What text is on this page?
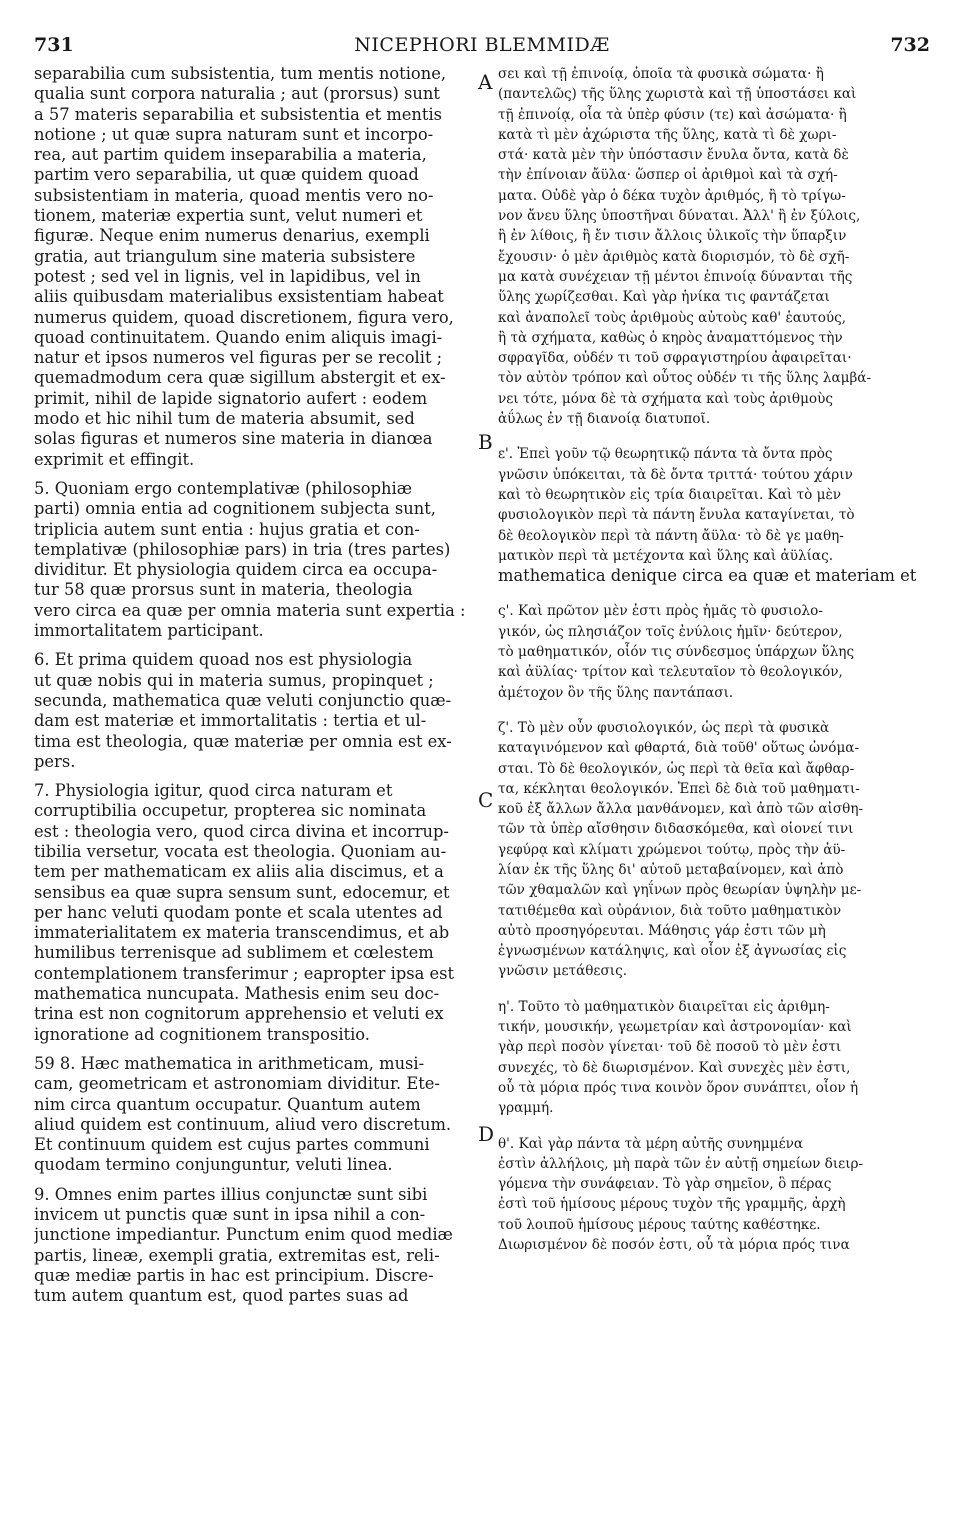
731	NICEPHORI BLEMMIDÆ	732
A
B
C
D
separabilia cum subsistentia, tum mentis notione,
qualia sunt corpora naturalia ; aut (prorsus) sunt
a 57 materis separabilia et subsistentia et mentis
notione ; ut quæ supra naturam sunt et incorpo-
rea, aut partim quidem inseparabilia a materia,
partim vero separabilia, ut quæ quidem quoad
subsistentiam in materia, quoad mentis vero no-
tionem, materiæ expertia sunt, velut numeri et
figuræ. Neque enim numerus denarius, exempli
gratia, aut triangulum sine materia subsistere
potest ; sed vel in lignis, vel in lapidibus, vel in
aliis quibusdam materialibus exsistentiam habeat
numerus quidem, quoad discretionem, figura vero,
quoad continuitatem. Quando enim aliquis imagi-
natur et ipsos numeros vel figuras per se recolit ;
quemadmodum cera quæ sigillum abstergit et ex-
primit, nihil de lapide signatorio aufert : eodem
modo et hic nihil tum de materia absumit, sed
solas figuras et numeros sine materia in dianœa
exprimit et effingit.
5. Quoniam ergo contemplativæ (philosophiæ
parti) omnia entia ad cognitionem subjecta sunt,
triplicia autem sunt entia : hujus gratia et con-
templativæ (philosophiæ pars) in tria (tres partes)
dividitur. Et physiologia quidem circa ea occupa-
tur 58 quæ prorsus sunt in materia, theologia
vero circa ea quæ per omnia materia sunt expertia :
immortalitatem participant.
6. Et prima quidem quoad nos est physiologia
ut quæ nobis qui in materia sumus, propinquet ;
secunda, mathematica quæ veluti conjunctio quæ-
dam est materiæ et immortalitatis : tertia et ul-
tima est theologia, quæ materiæ per omnia est ex-
pers.
7. Physiologia igitur, quod circa naturam et
corruptibilia occupetur, propterea sic nominata
est : theologia vero, quod circa divina et incorrup-
tibilia versetur, vocata est theologia. Quoniam au-
tem per mathematicam ex aliis alia discimus, et a
sensibus ea quæ supra sensum sunt, edocemur, et
per hanc veluti quodam ponte et scala utentes ad
immaterialitatem ex materia transcendimus, et ab
humilibus terrenisque ad sublimem et cœlestem
contemplationem transferimur ; eapropter ipsa est
mathematica nuncupata. Mathesis enim seu doc-
trina est non cognitorum apprehensio et veluti ex
ignoratione ad cognitionem transpositio.
59 8. Hæc mathematica in arithmeticam, musi-
cam, geometricam et astronomiam dividitur. Ete-
nim circa quantum occupatur. Quantum autem
aliud quidem est continuum, aliud vero discretum.
Et continuum quidem est cujus partes communi
quodam termino conjunguntur, veluti linea.
9. Omnes enim partes illius conjunctæ sunt sibi
invicem ut punctis quæ sunt in ipsa nihil a con-
junctione impediantur. Punctum enim quod mediæ
partis, lineæ, exempli gratia, extremitas est, reli-
quæ mediæ partis in hac est principium. Discre-
tum autem quantum est, quod partes suas ad
σει καὶ τῇ ἐπινοίᾳ, ὁποῖα τὰ φυσικὰ σώματα· ἢ
(παντελῶς) τῆς ὕλης χωριστὰ καὶ τῇ ὑποστάσει καὶ
τῇ ἐπινοίᾳ, οἷα τὰ ὑπὲρ φύσιν (τε) καὶ ἀσώματα· ἢ
κατὰ τὶ μὲν ἀχώριστα τῆς ὕλης, κατὰ τὶ δὲ χωρι-
στά· κατὰ μὲν τὴν ὑπόστασιν ἔνυλα ὄντα, κατὰ δὲ
τὴν ἐπίνοιαν ἄϋλα· ὥσπερ οἱ ἀριθμοὶ καὶ τὰ σχή-
ματα. Οὐδὲ γὰρ ὁ δέκα τυχὸν ἀριθμός, ἢ τὸ τρίγω-
νον ἄνευ ὕλης ὑποστῆναι δύναται. Ἀλλ' ἢ ἐν ξύλοις,
ἢ ἐν λίθοις, ἢ ἔν τισιν ἄλλοις ὑλικοῖς τὴν ὕπαρξιν
ἔχουσιν· ὁ μὲν ἀριθμὸς κατὰ διορισμόν, τὸ δὲ σχῆ-
μα κατὰ συνέχειαν τῇ μέντοι ἐπινοίᾳ δύνανται τῆς
ὕλης χωρίζεσθαι. Καὶ γὰρ ἡνίκα τις φαντάζεται
καὶ ἀναπολεῖ τοὺς ἀριθμοὺς αὐτοὺς καθ' ἑαυτούς,
ἢ τὰ σχήματα, καθὼς ὁ κηρὸς ἀναματτόμενος τὴν
σφραγῖδα, οὐδέν τι τοῦ σφραγιστηρίου ἀφαιρεῖται·
τὸν αὐτὸν τρόπον καὶ οὗτος οὐδέν τι τῆς ὕλης λαμβά-
νει τότε, μόνα δὲ τὰ σχήματα καὶ τοὺς ἀριθμοὺς
ἀΰλως ἐν τῇ διανοίᾳ διατυποῖ.
ε'. Ἐπεὶ γοῦν τῷ θεωρητικῷ πάντα τὰ ὄντα πρὸς
γνῶσιν ὑπόκειται, τὰ δὲ ὄντα τριττά· τούτου χάριν
καὶ τὸ θεωρητικὸν εἰς τρία διαιρεῖται. Καὶ τὸ μὲν
φυσιολογικὸν περὶ τὰ πάντη ἔνυλα καταγίνεται, τὸ
δὲ θεολογικὸν περὶ τὰ πάντη ἄϋλα· τὸ δὲ γε μαθη-
ματικὸν περὶ τὰ μετέχοντα καὶ ὕλης καὶ ἀϋλίας.
mathematica denique circa ea quæ et materiam et
ς'. Καὶ πρῶτον μὲν ἐστι πρὸς ἡμᾶς τὸ φυσιολο-
γικόν, ὡς πλησιάζον τοῖς ἐνύλοις ἡμῖν· δεύτερον,
τὸ μαθηματικόν, οἷόν τις σύνδεσμος ὑπάρχων ὕλης
καὶ ἀϋλίας· τρίτον καὶ τελευταῖον τὸ θεολογικόν,
ἀμέτοχον ὂν τῆς ὕλης παντάπασι.
ζ'. Τὸ μὲν οὖν φυσιολογικόν, ὡς περὶ τὰ φυσικὰ
καταγινόμενον καὶ φθαρτά, διὰ τοῦθ' οὕτως ὠνόμα-
σται. Τὸ δὲ θεολογικόν, ὡς περὶ τὰ θεῖα καὶ ἄφθαρ-
τα, κέκληται θεολογικόν. Ἐπεὶ δὲ διὰ τοῦ μαθηματι-
κοῦ ἐξ ἄλλων ἄλλα μανθάνομεν, καὶ ἀπὸ τῶν αἰσθη-
τῶν τὰ ὑπὲρ αἴσθησιν διδασκόμεθα, καὶ οἱονεί τινι
γεφύρᾳ καὶ κλίματι χρώμενοι τούτῳ, πρὸς τὴν ἀϋ-
λίαν ἐκ τῆς ὕλης δι' αὐτοῦ μεταβαίνομεν, καὶ ἀπὸ
τῶν χθαμαλῶν καὶ γηΐνων πρὸς θεωρίαν ὑψηλὴν με-
τατιθέμεθα καὶ οὐράνιον, διὰ τοῦτο μαθηματικὸν
αὐτὸ προσηγόρευται. Μάθησις γάρ ἐστι τῶν μὴ
ἐγνωσμένων κατάληψις, καὶ οἷον ἐξ ἀγνωσίας εἰς
γνῶσιν μετάθεσις.
η'. Τοῦτο τὸ μαθηματικὸν διαιρεῖται εἰς ἀριθμη-
τικήν, μουσικήν, γεωμετρίαν καὶ ἀστρονομίαν· καὶ
γὰρ περὶ ποσὸν γίνεται· τοῦ δὲ ποσοῦ τὸ μὲν ἐστι
συνεχές, τὸ δὲ διωρισμένον. Καὶ συνεχὲς μὲν ἐστι,
οὗ τὰ μόρια πρός τινα κοινὸν ὅρον συνάπτει, οἷον ἡ
γραμμή.
θ'. Καὶ γὰρ πάντα τὰ μέρη αὐτῆς συνημμένα
ἐστὶν ἀλλήλοις, μὴ παρὰ τῶν ἐν αὐτῇ σημείων διειρ-
γόμενα τὴν συνάφειαν. Τὸ γὰρ σημεῖον, ὃ πέρας
ἐστὶ τοῦ ἡμίσους μέρους τυχὸν τῆς γραμμῆς, ἀρχὴ
τοῦ λοιποῦ ἡμίσους μέρους ταύτης καθέστηκε.
Διωρισμένον δὲ ποσόν ἐστι, οὗ τὰ μόρια πρός τινα
